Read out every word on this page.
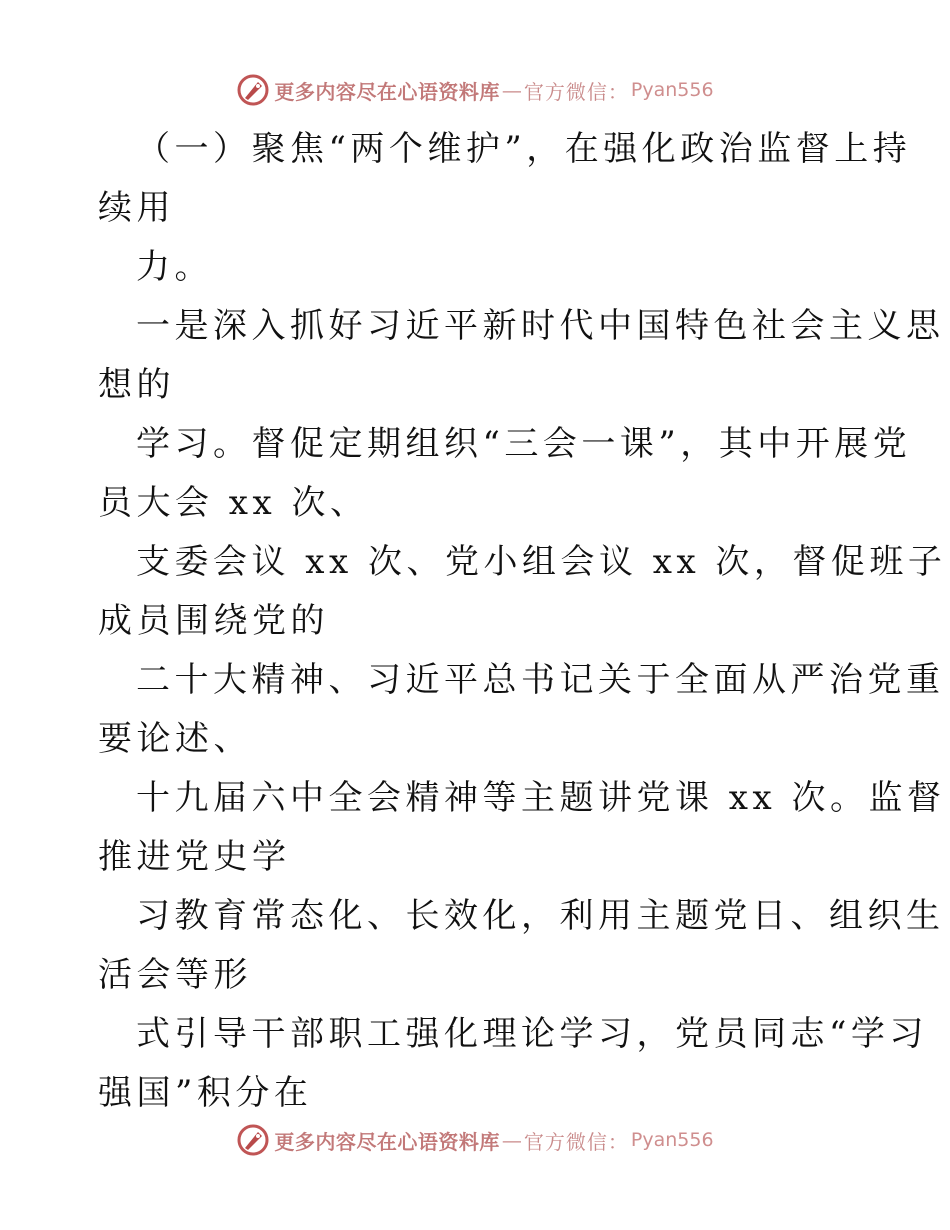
更多内容尽在心语资料库 — 官方微信： Pyan556
（一）聚焦“两个维护”，在强化政治监督上持
续用
力。
一是深入抓好习近平新时代中国特色社会主义思
想的
学习。督促定期组织“三会一课”，其中开展党
员大会 xx 次、
支委会议 xx 次、党小组会议 xx 次，督促班子
成员围绕党的
二十大精神、习近平总书记关于全面从严治党重
要论述、
十九届六中全会精神等主题讲党课 xx 次。监督
推进党史学
习教育常态化、长效化，利用主题党日、组织生
活会等形
式引导干部职工强化理论学习，党员同志“学习
强国”积分在
更多内容尽在心语资料库 — 官方微信： Pyan556
